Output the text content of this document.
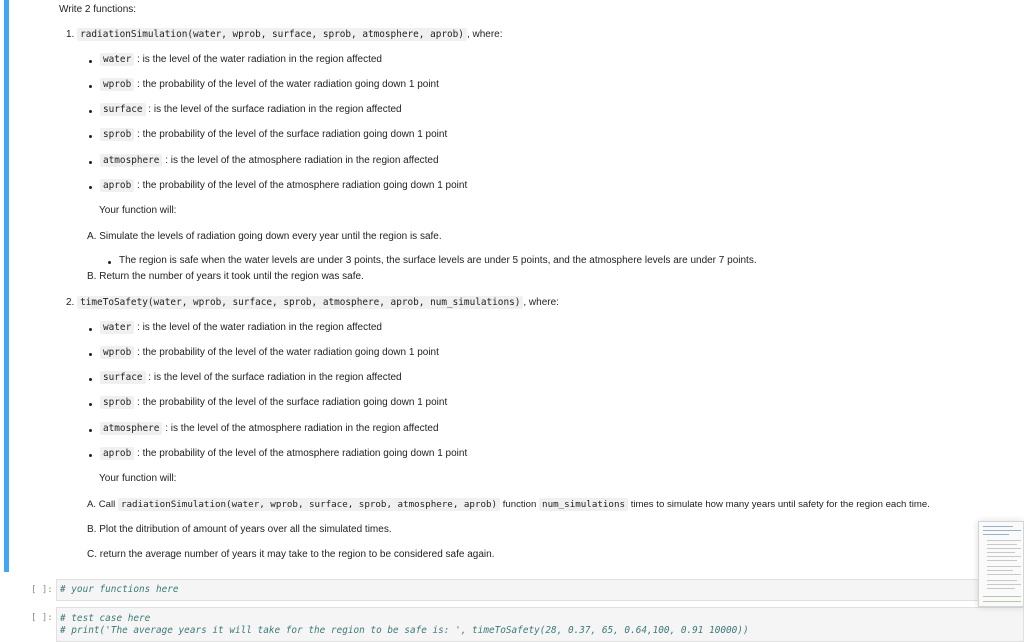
Write 2 functions:
1. radiationSimulation(water, wprob, surface, sprob, atmosphere, aprob) , where:
water : is the level of the water radiation in the region affected
wprob : the probability of the level of the water radiation going down 1 point
surface : is the level of the surface radiation in the region affected
sprob : the probability of the level of the surface radiation going down 1 point
atmosphere : is the level of the atmosphere radiation in the region affected
aprob : the probability of the level of the atmosphere radiation going down 1 point
Your function will:
A. Simulate the levels of radiation going down every year until the region is safe.
The region is safe when the water levels are under 3 points, the surface levels are under 5 points, and the atmosphere levels are under 7 points.
B. Return the number of years it took until the region was safe.
2. timeToSafety(water, wprob, surface, sprob, atmosphere, aprob, num_simulations) , where:
water : is the level of the water radiation in the region affected
wprob : the probability of the level of the water radiation going down 1 point
surface : is the level of the surface radiation in the region affected
sprob : the probability of the level of the surface radiation going down 1 point
atmosphere : is the level of the atmosphere radiation in the region affected
aprob : the probability of the level of the atmosphere radiation going down 1 point
Your function will:
A. Call radiationSimulation(water, wprob, surface, sprob, atmosphere, aprob) function num_simulations times to simulate how many years until safety for the region each time.
B. Plot the ditribution of amount of years over all the simulated times.
C. return the average number of years it may take to the region to be considered safe again.
[ ]: # your functions here
[ ]: # test case here
# print('The average years it will take for the region to be safe is: ', timeToSafety(28, 0.37, 65, 0.64,100, 0.91 10000))
